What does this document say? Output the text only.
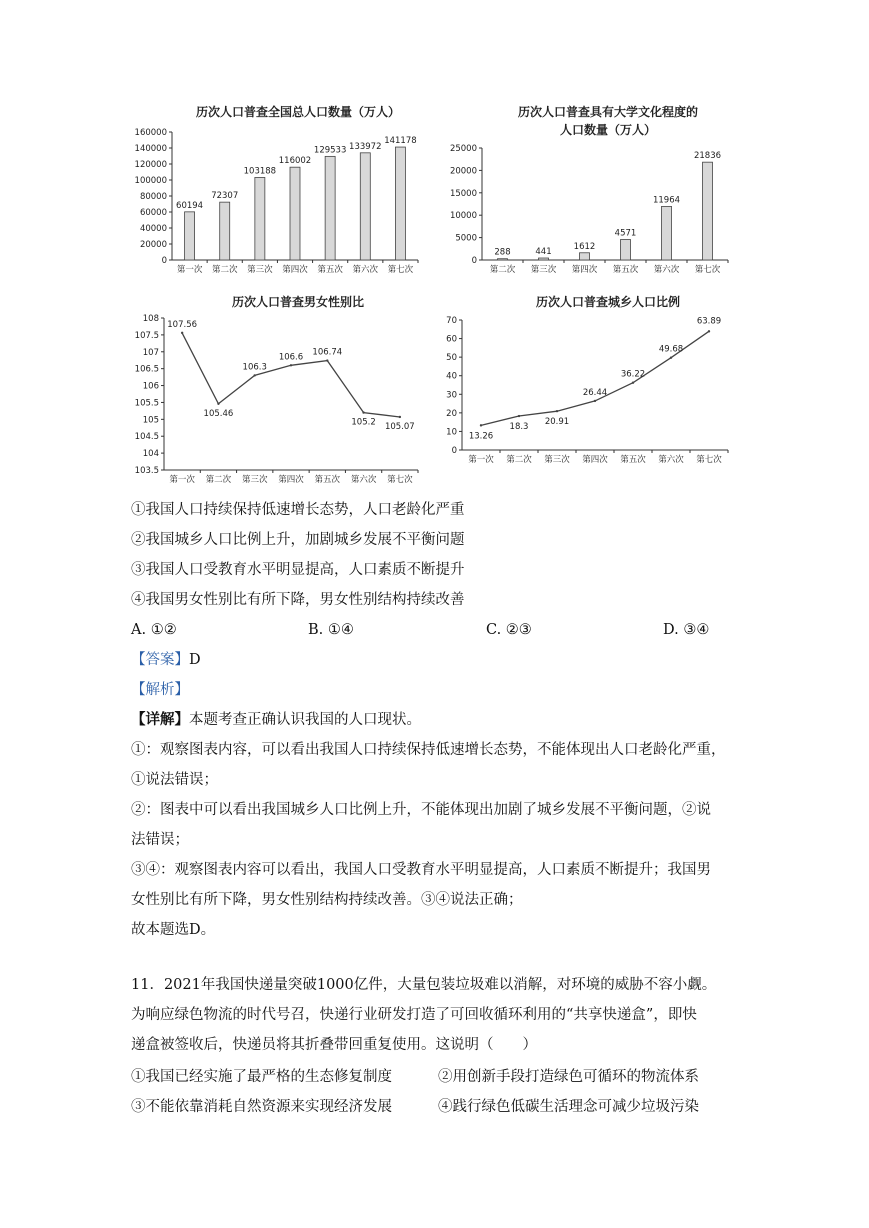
历次人口普查全国总人口数量（万人）
0
20000
40000
60000
80000
100000
120000
140000
160000
第一次 第二次 第三次 第四次 第五次 第六次 第七次
60194
72307
103188
116002
129533 133972
141178
历次人口普查具有大学文化程度的
人口数量（万人）
0
5000
10000
15000
20000
25000
第二次 第三次 第四次 第五次 第六次 第七次
288	441
1612
4571
11964
21836
历次人口普查男女性别比
103.5
104
104.5
105
105.5
106
106.5
107
107.5
108
第一次 第二次 第三次 第四次 第五次 第六次 第七次
107.56
105.46
106.3
106.6 106.74
105.2 105.07
历次人口普查城乡人口比例
0
10
20
30
40
50
60
70
第一次 第二次 第三次 第四次 第五次 第六次 第七次
13.26
18.3 20.91
26.44
36.22
49.68
63.89
①我国人口持续保持低速增长态势，人口老龄化严重
②我国城乡人口比例上升，加剧城乡发展不平衡问题
③我国人口受教育水平明显提高，人口素质不断提升
④我国男女性别比有所下降，男女性别结构持续改善
A. ①②	B. ①④	C. ②③	D. ③④
【答案】D
【解析】
【详解】本题考查正确认识我国的人口现状。
①：观察图表内容，可以看出我国人口持续保持低速增长态势，不能体现出人口老龄化严重，
①说法错误；
②：图表中可以看出我国城乡人口比例上升，不能体现出加剧了城乡发展不平衡问题，②说
法错误；
③④：观察图表内容可以看出，我国人口受教育水平明显提高，人口素质不断提升；我国男
女性别比有所下降，男女性别结构持续改善。③④说法正确；
故本题选D。
11．2021年我国快递量突破1000亿件，大量包装垃圾难以消解，对环境的威胁不容小觑。
为响应绿色物流的时代号召，快递行业研发打造了可回收循环利用的“共享快递盒”，即快
递盒被签收后，快递员将其折叠带回重复使用。这说明（　　）
①我国已经实施了最严格的生态修复制度	②用创新手段打造绿色可循环的物流体系
③不能依靠消耗自然资源来实现经济发展	④践行绿色低碳生活理念可减少垃圾污染
